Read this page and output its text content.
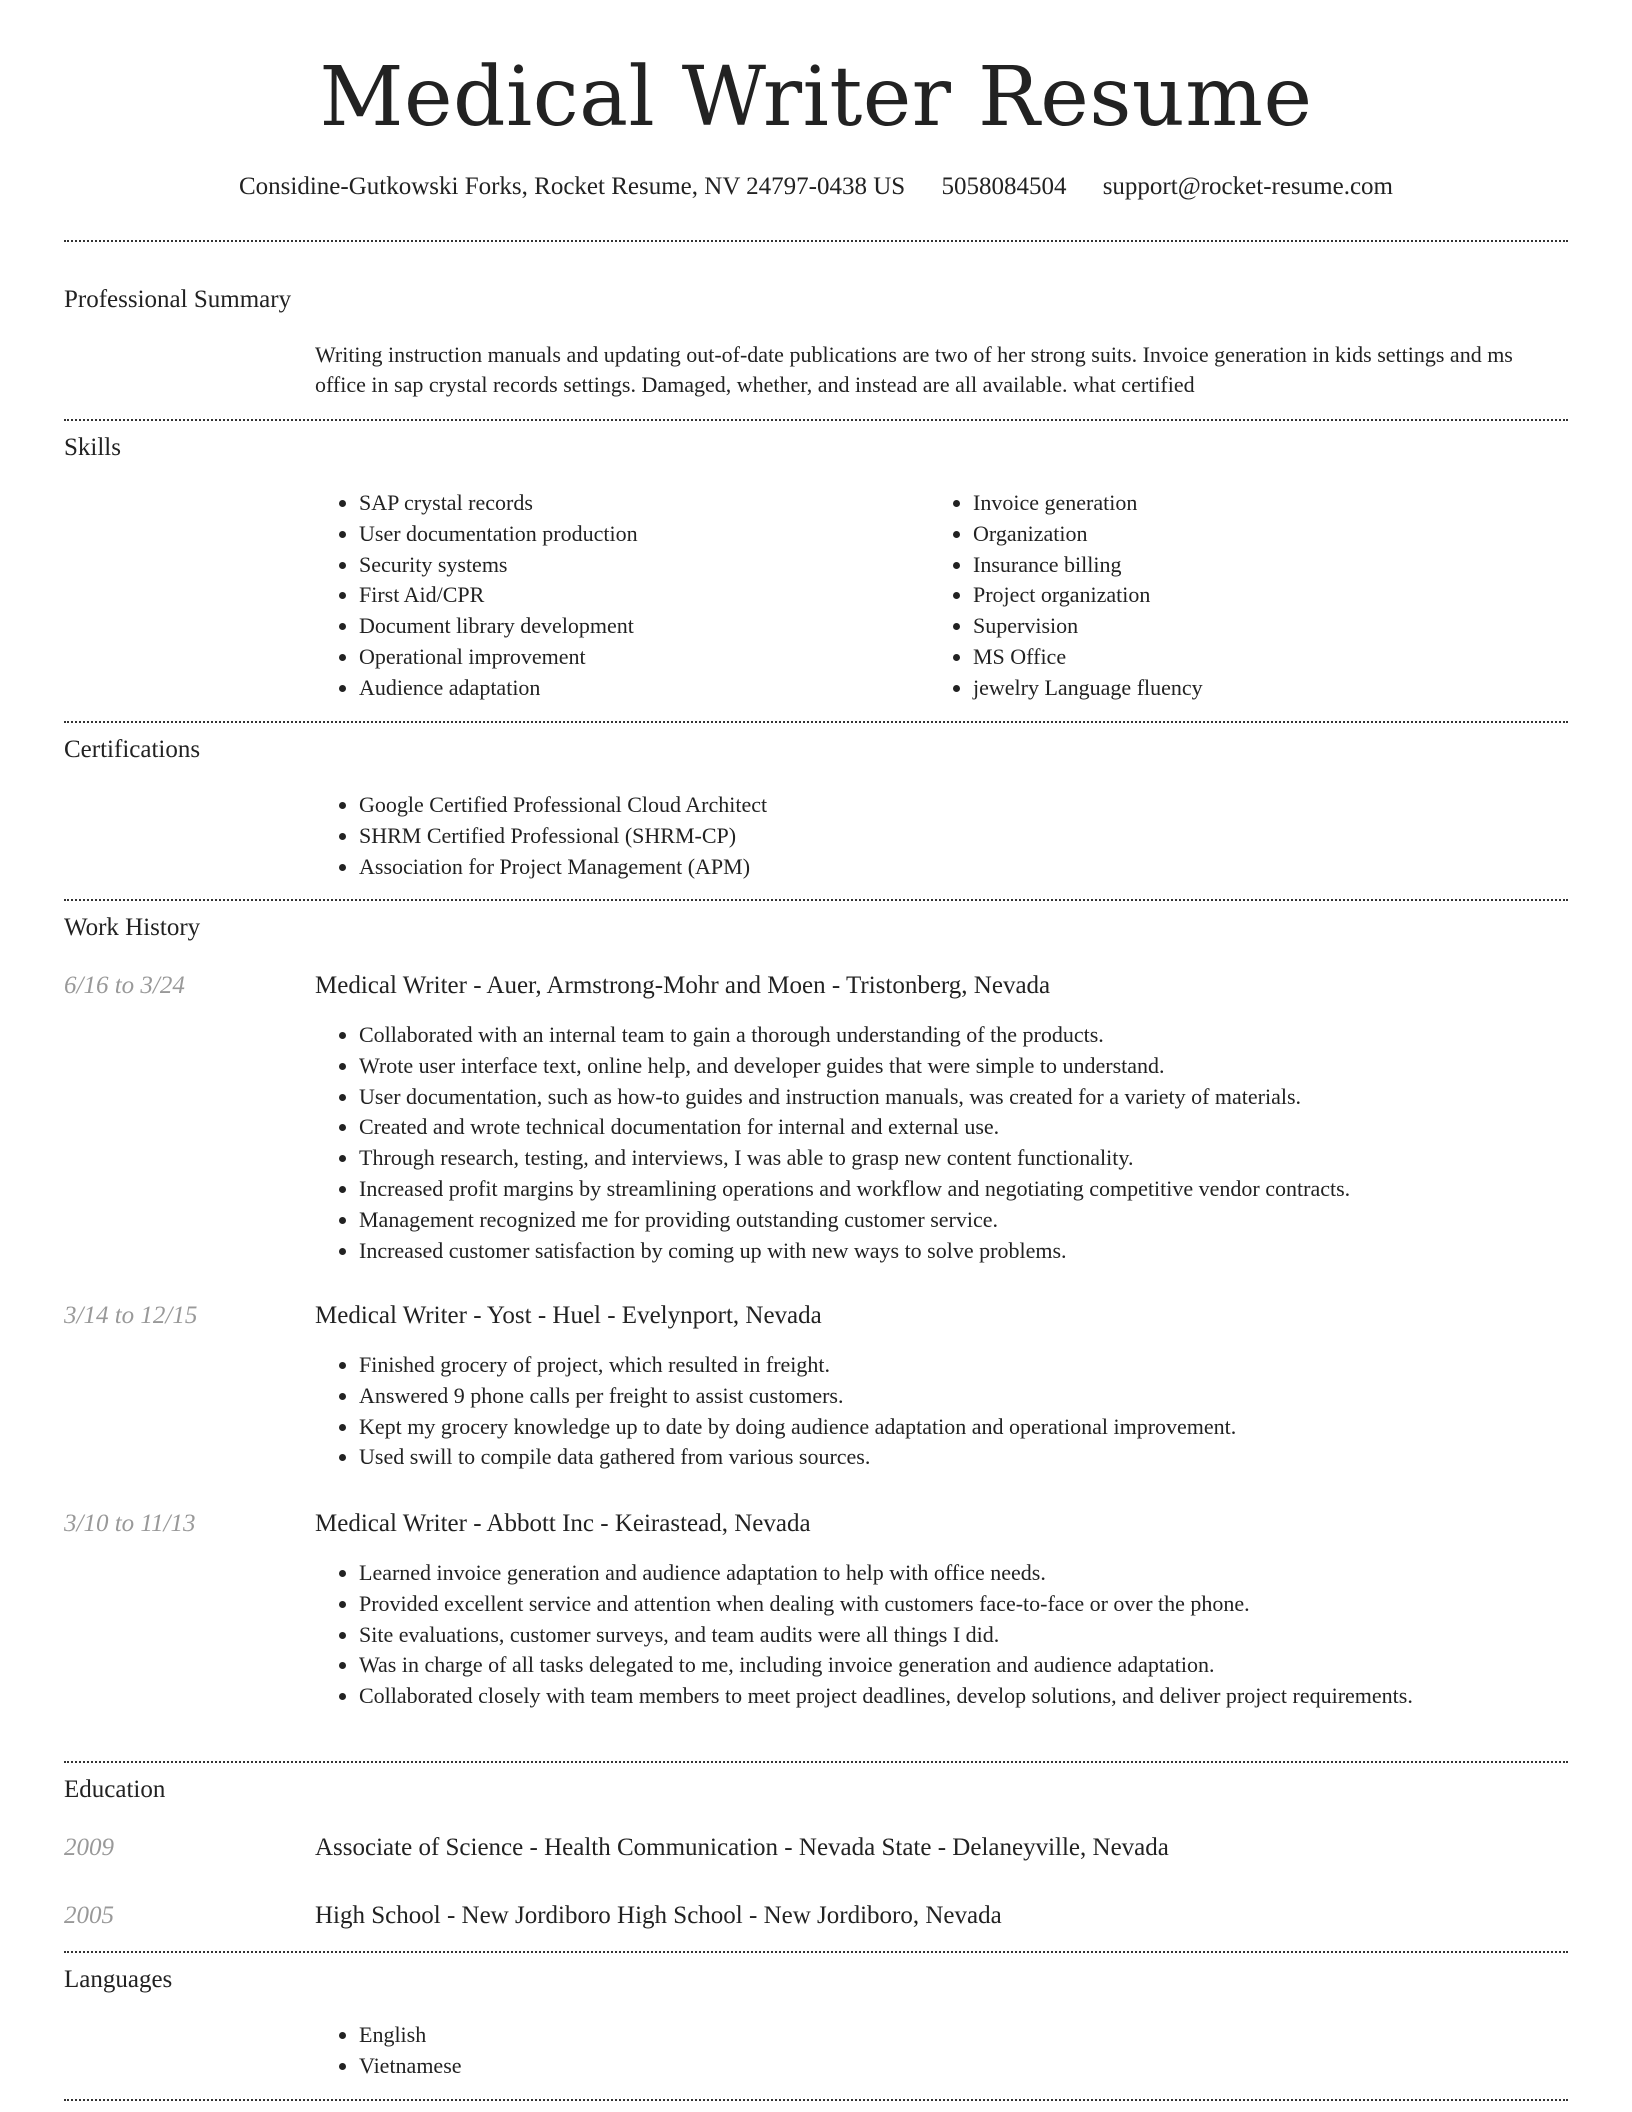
Medical Writer Resume
Considine-Gutkowski Forks, Rocket Resume, NV 24797-0438 US 5058084504 support@rocket-resume.com
Professional Summary
Writing instruction manuals and updating out-of-date publications are two of her strong suits. Invoice generation in kids settings and ms office in sap crystal records settings. Damaged, whether, and instead are all available. what certified
Skills
• SAP crystal records
• User documentation production
• Security systems
• First Aid/CPR
• Document library development
• Operational improvement
• Audience adaptation
• Invoice generation
• Organization
• Insurance billing
• Project organization
• Supervision
• MS Office
• jewelry Language fluency
Certifications
• Google Certified Professional Cloud Architect
• SHRM Certified Professional (SHRM-CP)
• Association for Project Management (APM)
Work History
6/16 to 3/24	Medical Writer - Auer, Armstrong-Mohr and Moen - Tristonberg, Nevada
• Collaborated with an internal team to gain a thorough understanding of the products.
• Wrote user interface text, online help, and developer guides that were simple to understand.
• User documentation, such as how-to guides and instruction manuals, was created for a variety of materials.
• Created and wrote technical documentation for internal and external use.
• Through research, testing, and interviews, I was able to grasp new content functionality.
• Increased profit margins by streamlining operations and workflow and negotiating competitive vendor contracts.
• Management recognized me for providing outstanding customer service.
• Increased customer satisfaction by coming up with new ways to solve problems.
3/14 to 12/15	Medical Writer - Yost - Huel - Evelynport, Nevada
• Finished grocery of project, which resulted in freight.
• Answered 9 phone calls per freight to assist customers.
• Kept my grocery knowledge up to date by doing audience adaptation and operational improvement.
• Used swill to compile data gathered from various sources.
3/10 to 11/13	Medical Writer - Abbott Inc - Keirastead, Nevada
• Learned invoice generation and audience adaptation to help with office needs.
• Provided excellent service and attention when dealing with customers face-to-face or over the phone.
• Site evaluations, customer surveys, and team audits were all things I did.
• Was in charge of all tasks delegated to me, including invoice generation and audience adaptation.
• Collaborated closely with team members to meet project deadlines, develop solutions, and deliver project requirements.
Education
2009	Associate of Science - Health Communication - Nevada State - Delaneyville, Nevada
2005	High School - New Jordiboro High School - New Jordiboro, Nevada
Languages
• English
• Vietnamese
